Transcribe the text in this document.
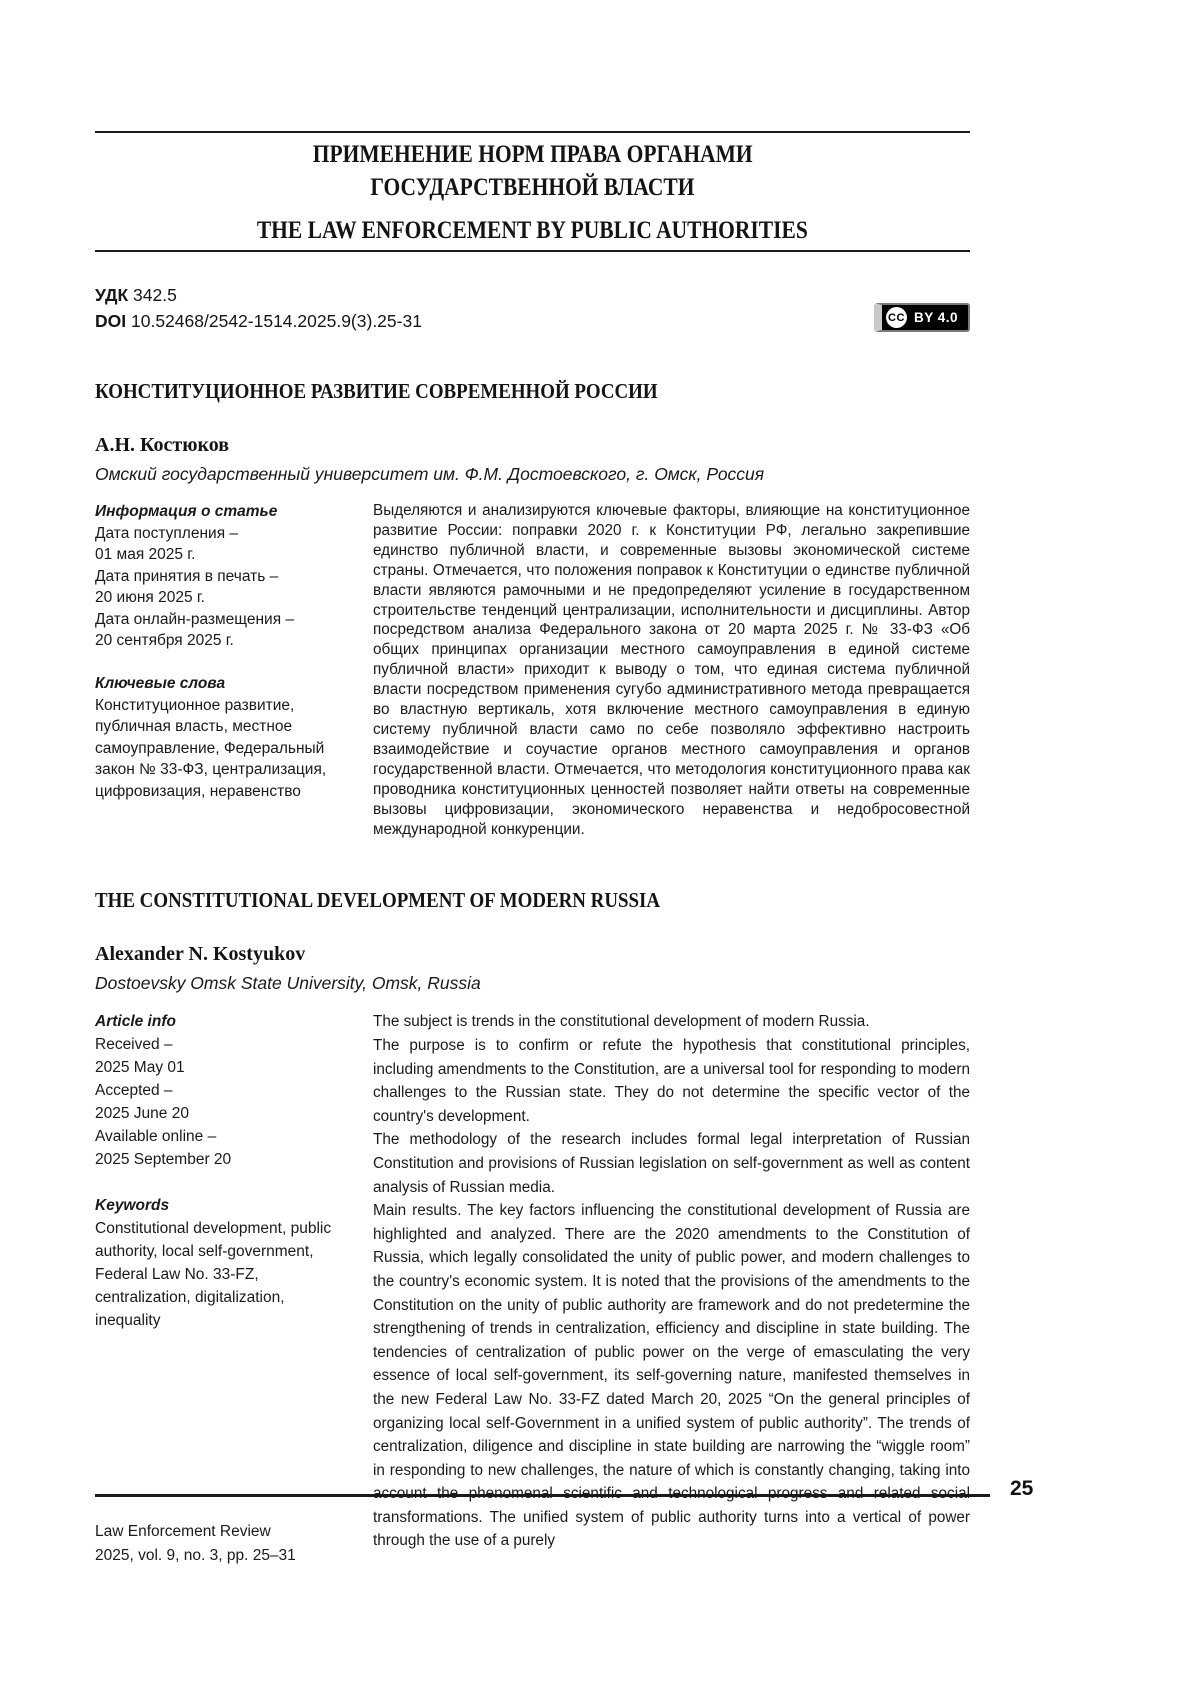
ПРИМЕНЕНИЕ НОРМ ПРАВА ОРГАНАМИ
ГОСУДАРСТВЕННОЙ ВЛАСТИ
THE LAW ENFORCEMENT BY PUBLIC AUTHORITIES
УДК 342.5
DOI 10.52468/2542-1514.2025.9(3).25-31	CC BY 4.0
КОНСТИТУЦИОННОЕ РАЗВИТИЕ СОВРЕМЕННОЙ РОССИИ
А.Н. Костюков
Омский государственный университет им. Ф.М. Достоевского, г. Омск, Россия
Информация о статье
Дата поступления –
01 мая 2025 г.
Дата принятия в печать –
20 июня 2025 г.
Дата онлайн-размещения –
20 сентября 2025 г.
Ключевые слова
Конституционное развитие, публичная власть, местное самоуправление, Федеральный закон № 33-ФЗ, централизация, цифровизация, неравенство

Выделяются и анализируются ключевые факторы, влияющие на конституционное развитие России: поправки 2020 г. к Конституции РФ, легально закрепившие единство публичной власти, и современные вызовы экономической системе страны. Отмечается, что положения поправок к Конституции о единстве публичной власти являются рамочными и не предопределяют усиление в государственном строительстве тенденций централизации, исполнительности и дисциплины. Автор посредством анализа Федерального закона от 20 марта 2025 г. № 33-ФЗ «Об общих принципах организации местного самоуправления в единой системе публичной власти» приходит к выводу о том, что единая система публичной власти посредством применения сугубо административного метода превращается во властную вертикаль, хотя включение местного самоуправления в единую систему публичной власти само по себе позволяло эффективно настроить взаимодействие и соучастие органов местного самоуправления и органов государственной власти. Отмечается, что методология конституционного права как проводника конституционных ценностей позволяет найти ответы на современные вызовы цифровизации, экономического неравенства и недобросовестной международной конкуренции.

THE CONSTITUTIONAL DEVELOPMENT OF MODERN RUSSIA
Alexander N. Kostyukov
Dostoevsky Omsk State University, Omsk, Russia
Article info
Received –
2025 May 01
Accepted –
2025 June 20
Available online –
2025 September 20
Keywords
Constitutional development, public authority, local self-government, Federal Law No. 33-FZ, centralization, digitalization, inequality

The subject is trends in the constitutional development of modern Russia.

The purpose is to confirm or refute the hypothesis that constitutional principles, including amendments to the Constitution, are a universal tool for responding to modern challenges to the Russian state. They do not determine the specific vector of the country's development.

The methodology of the research includes formal legal interpretation of Russian Constitution and provisions of Russian legislation on self-government as well as content analysis of Russian media.

Main results. The key factors influencing the constitutional development of Russia are highlighted and analyzed. There are the 2020 amendments to the Constitution of Russia, which legally consolidated the unity of public power, and modern challenges to the country's economic system. It is noted that the provisions of the amendments to the Constitution on the unity of public authority are framework and do not predetermine the strengthening of trends in centralization, efficiency and discipline in state building. The tendencies of centralization of public power on the verge of emasculating the very essence of local self-government, its self-governing nature, manifested themselves in the new Federal Law No. 33-FZ dated March 20, 2025 “On the general principles of organizing local self-Government in a unified system of public authority”. The trends of centralization, diligence and discipline in state building are narrowing the “wiggle room” in responding to new challenges, the nature of which is constantly changing, taking into account the phenomenal scientific and technological progress and related social transformations. The unified system of public authority turns into a vertical of power through the use of a purely

25
Law Enforcement Review
2025, vol. 9, no. 3, pp. 25–31
